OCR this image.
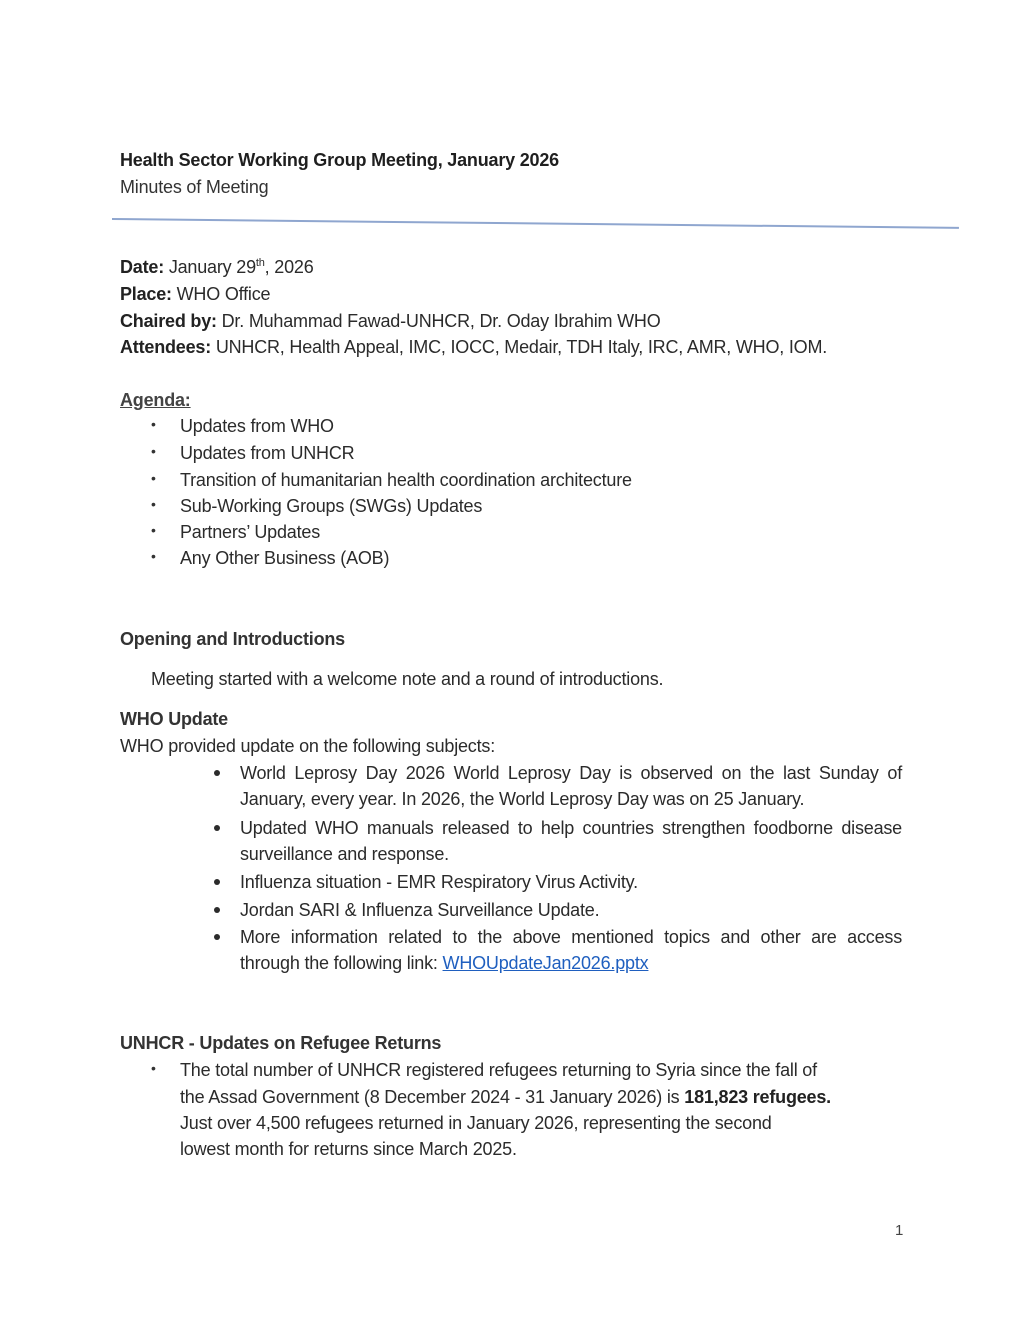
Health Sector Working Group Meeting, January 2026
Minutes of Meeting
Date: January 29th, 2026
Place: WHO Office
Chaired by: Dr. Muhammad Fawad-UNHCR, Dr. Oday Ibrahim WHO
Attendees: UNHCR, Health Appeal, IMC, IOCC, Medair, TDH Italy, IRC, AMR, WHO, IOM.
Agenda:
• Updates from WHO
• Updates from UNHCR
• Transition of humanitarian health coordination architecture
• Sub-Working Groups (SWGs) Updates
• Partners’ Updates
• Any Other Business (AOB)
Opening and Introductions
Meeting started with a welcome note and a round of introductions.
WHO Update
WHO provided update on the following subjects:
World Leprosy Day 2026 World Leprosy Day is observed on the last Sunday of January, every year. In 2026, the World Leprosy Day was on 25 January.
Updated WHO manuals released to help countries strengthen foodborne disease surveillance and response.
Influenza situation - EMR Respiratory Virus Activity.
Jordan SARI & Influenza Surveillance Update.
More information related to the above mentioned topics and other are access through the following link: WHOUpdateJan2026.pptx
UNHCR - Updates on Refugee Returns
• The total number of UNHCR registered refugees returning to Syria since the fall of
the Assad Government (8 December 2024 - 31 January 2026) is 181,823 refugees.
Just over 4,500 refugees returned in January 2026, representing the second
lowest month for returns since March 2025.
1
